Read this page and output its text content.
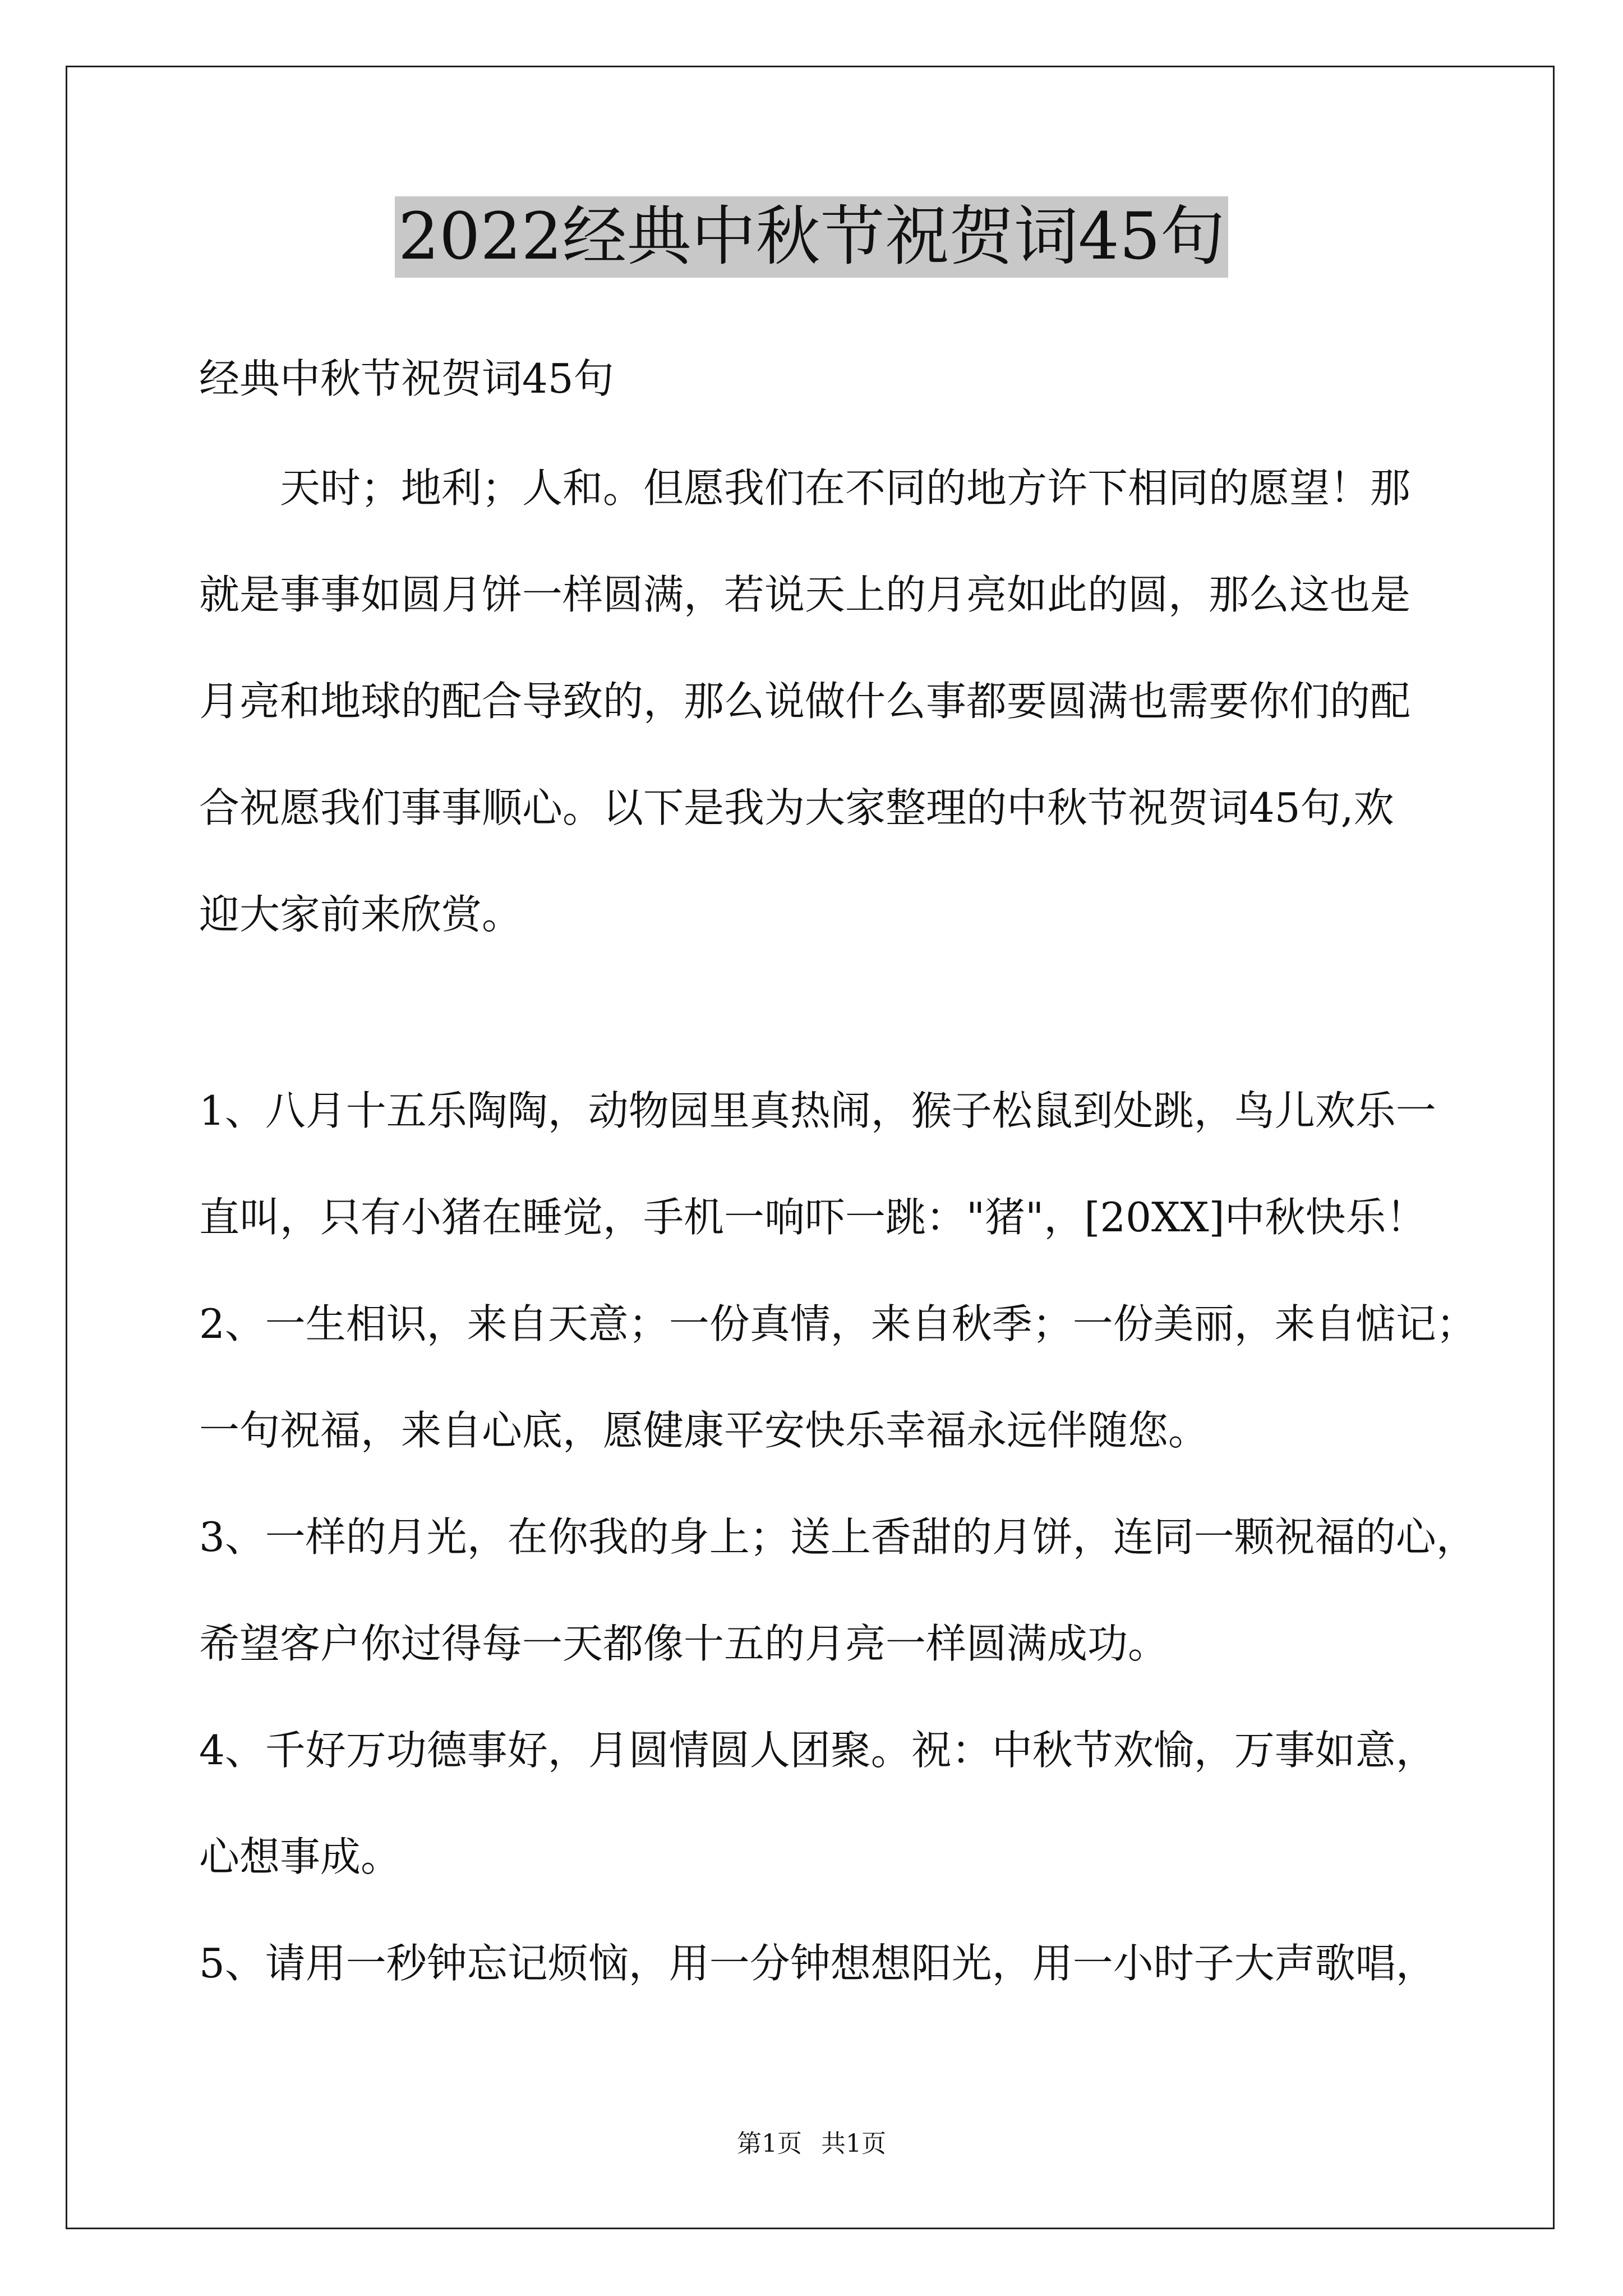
2022经典中秋节祝贺词45句
经典中秋节祝贺词45句
　　天时；地利；人和。但愿我们在不同的地方许下相同的愿望！那
就是事事如圆月饼一样圆满，若说天上的月亮如此的圆，那么这也是
月亮和地球的配合导致的，那么说做什么事都要圆满也需要你们的配
合祝愿我们事事顺心。以下是我为大家整理的中秋节祝贺词45句,欢
迎大家前来欣赏。
1、八月十五乐陶陶，动物园里真热闹，猴子松鼠到处跳，鸟儿欢乐一
直叫，只有小猪在睡觉，手机一响吓一跳："猪"，[20XX]中秋快乐！
2、一生相识，来自天意；一份真情，来自秋季；一份美丽，来自惦记；
一句祝福，来自心底，愿健康平安快乐幸福永远伴随您。
3、一样的月光，在你我的身上；送上香甜的月饼，连同一颗祝福的心，
希望客户你过得每一天都像十五的月亮一样圆满成功。
4、千好万功德事好，月圆情圆人团聚。祝：中秋节欢愉，万事如意，
心想事成。
5、请用一秒钟忘记烦恼，用一分钟想想阳光，用一小时子大声歌唱，
第1页 共1页
